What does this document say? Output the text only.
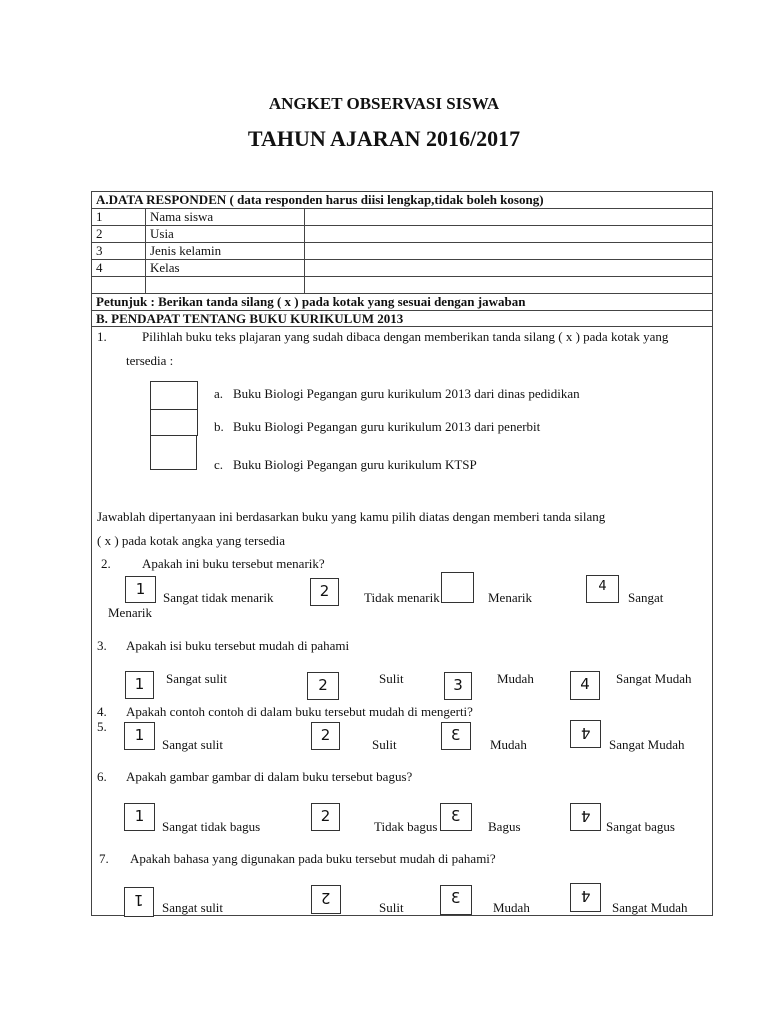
ANGKET OBSERVASI SISWA
TAHUN AJARAN 2016/2017
A.DATA RESPONDEN ( data responden harus diisi lengkap,tidak boleh kosong)
1	Nama siswa
2	Usia
3	Jenis kelamin
4	Kelas
Petunjuk : Berikan tanda silang ( x ) pada kotak yang sesuai dengan jawaban
B. PENDAPAT TENTANG BUKU KURIKULUM 2013
1.	Pilihlah buku teks plajaran yang sudah dibaca dengan memberikan tanda silang ( x ) pada kotak yang
tersedia :
a. Buku Biologi Pegangan guru kurikulum 2013 dari dinas pedidikan
b. Buku Biologi Pegangan guru kurikulum 2013 dari penerbit
c. Buku Biologi Pegangan guru kurikulum KTSP
Jawablah dipertanyaan ini berdasarkan buku yang kamu pilih diatas dengan memberi tanda silang
( x ) pada kotak angka yang tersedia
2. Apakah ini buku tersebut menarik?
1 Sangat tidak menarik	2	Tidak menarik	Menarik
4
Sangat
Menarik
3. Apakah isi buku tersebut mudah di pahami
1 Sangat sulit	2	Sulit	3	Mudah	4 Sangat Mudah
4. Apakah contoh contoh di dalam buku tersebut mudah di mengerti?
5. 1
Sangat sulit
2
Sulit
3
Mudah
4
Sangat Mudah
6. Apakah gambar gambar di dalam buku tersebut bagus?
1
Sangat tidak bagus
2
Tidak bagus
3
Bagus
4
Sangat bagus
7. Apakah bahasa yang digunakan pada buku tersebut mudah di pahami?
1 Sangat sulit
2
Sulit
3
Mudah
4
Sangat Mudah
